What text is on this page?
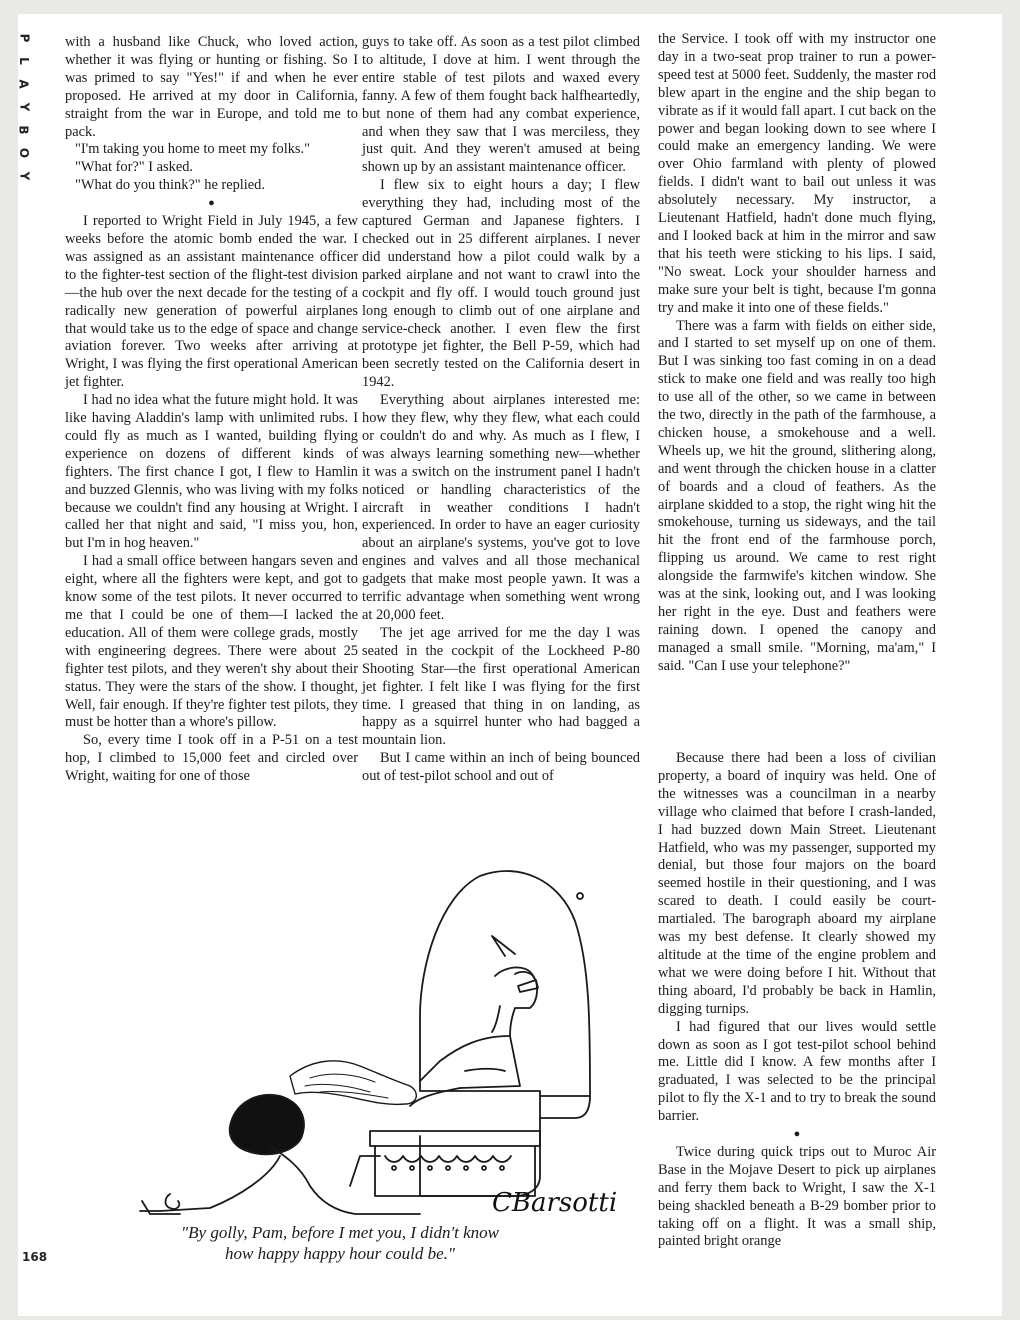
P
L
A
Y
B
O
Y

with a husband like Chuck, who loved action, whether it was flying or hunting or fishing. So I was primed to say "Yes!" if and when he ever proposed. He arrived at my door in California, straight from the war in Europe, and told me to pack.

"I'm taking you home to meet my folks."

"What for?" I asked.

"What do you think?" he replied.

●

I reported to Wright Field in July 1945, a few weeks before the atomic bomb ended the war. I was assigned as an assistant maintenance officer to the fighter-test section of the flight-test division—the hub over the next decade for the testing of a radically new generation of powerful airplanes that would take us to the edge of space and change aviation forever. Two weeks after arriving at Wright, I was flying the first operational American jet fighter.

I had no idea what the future might hold. It was like having Aladdin's lamp with unlimited rubs. I could fly as much as I wanted, building flying experience on dozens of different kinds of fighters. The first chance I got, I flew to Hamlin and buzzed Glennis, who was living with my folks because we couldn't find any housing at Wright. I called her that night and said, "I miss you, hon, but I'm in hog heaven."

I had a small office between hangars seven and eight, where all the fighters were kept, and got to know some of the test pilots. It never occurred to me that I could be one of them—I lacked the education. All of them were college grads, mostly with engineering degrees. There were about 25 fighter test pilots, and they weren't shy about their status. They were the stars of the show. I thought, Well, fair enough. If they're fighter test pilots, they must be hotter than a whore's pillow.

So, every time I took off in a P-51 on a test hop, I climbed to 15,000 feet and circled over Wright, waiting for one of those

guys to take off. As soon as a test pilot climbed to altitude, I dove at him. I went through the entire stable of test pilots and waxed every fanny. A few of them fought back halfheartedly, but none of them had any combat experience, and when they saw that I was merciless, they just quit. And they weren't amused at being shown up by an assistant maintenance officer.

I flew six to eight hours a day; I flew everything they had, including most of the captured German and Japanese fighters. I checked out in 25 different airplanes. I never did understand how a pilot could walk by a parked airplane and not want to crawl into the cockpit and fly off. I would touch ground just long enough to climb out of one airplane and service-check another. I even flew the first prototype jet fighter, the Bell P-59, which had been secretly tested on the California desert in 1942.

Everything about airplanes interested me: how they flew, why they flew, what each could or couldn't do and why. As much as I flew, I was always learning something new—whether it was a switch on the instrument panel I hadn't noticed or handling characteristics of the aircraft in weather conditions I hadn't experienced. In order to have an eager curiosity about an airplane's systems, you've got to love engines and valves and all those mechanical gadgets that make most people yawn. It was a terrific advantage when something went wrong at 20,000 feet.

The jet age arrived for me the day I was seated in the cockpit of the Lockheed P-80 Shooting Star—the first operational American jet fighter. I felt like I was flying for the first time. I greased that thing in on landing, as happy as a squirrel hunter who had bagged a mountain lion.

But I came within an inch of being bounced out of test-pilot school and out of

the Service. I took off with my instructor one day in a two-seat prop trainer to run a power-speed test at 5000 feet. Suddenly, the master rod blew apart in the engine and the ship began to vibrate as if it would fall apart. I cut back on the power and began looking down to see where I could make an emergency landing. We were over Ohio farmland with plenty of plowed fields. I didn't want to bail out unless it was absolutely necessary. My instructor, a Lieutenant Hatfield, hadn't done much flying, and I looked back at him in the mirror and saw that his teeth were sticking to his lips. I said, "No sweat. Lock your shoulder harness and make sure your belt is tight, because I'm gonna try and make it into one of these fields."

There was a farm with fields on either side, and I started to set myself up on one of them. But I was sinking too fast coming in on a dead stick to make one field and was really too high to use all of the other, so we came in between the two, directly in the path of the farmhouse, a chicken house, a smokehouse and a well. Wheels up, we hit the ground, slithering along, and went through the chicken house in a clatter of boards and a cloud of feathers. As the airplane skidded to a stop, the right wing hit the smokehouse, turning us sideways, and the tail hit the front end of the farmhouse porch, flipping us around. We came to rest right alongside the farmwife's kitchen window. She was at the sink, looking out, and I was looking her right in the eye. Dust and feathers were raining down. I opened the canopy and managed a small smile. "Morning, ma'am," I said. "Can I use your telephone?"

Because there had been a loss of civilian property, a board of inquiry was held. One of the witnesses was a councilman in a nearby village who claimed that before I crash-landed, I had buzzed down Main Street. Lieutenant Hatfield, who was my passenger, supported my denial, but those four majors on the board seemed hostile in their questioning, and I was scared to death. I could easily be court-martialed. The barograph aboard my airplane was my best defense. It clearly showed my altitude at the time of the engine problem and what we were doing before I hit. Without that thing aboard, I'd probably be back in Hamlin, digging turnips.

I had figured that our lives would settle down as soon as I got test-pilot school behind me. Little did I know. A few months after I graduated, I was selected to be the principal pilot to fly the X-1 and to try to break the sound barrier.

●

Twice during quick trips out to Muroc Air Base in the Mojave Desert to pick up airplanes and ferry them back to Wright, I saw the X-1 being shackled beneath a B-29 bomber prior to taking off on a flight. It was a small ship, painted bright orange

CBarsotti
"By golly, Pam, before I met you, I didn't know
how happy happy hour could be."
168
